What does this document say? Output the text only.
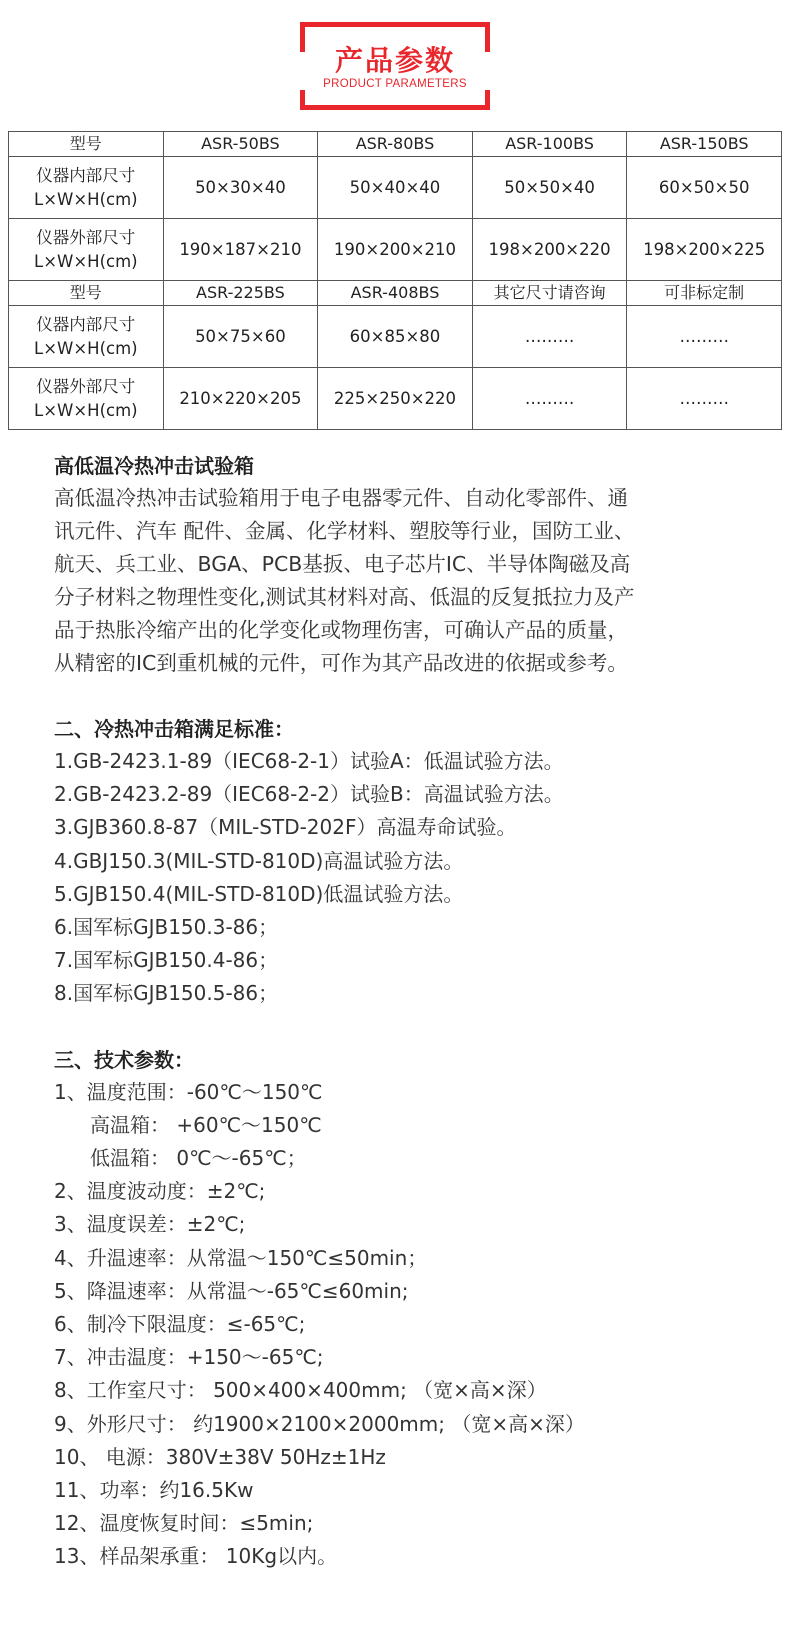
产品参数
PRODUCT PARAMETERS
型号	ASR-50BS	ASR-80BS	ASR-100BS	ASR-150BS

仪器内部尺寸
L×W×H(cm)	50×30×40	50×40×40	50×50×40	60×50×50

仪器外部尺寸
L×W×H(cm)	190×187×210	190×200×210	198×200×220	198×200×225
型号	ASR-225BS	ASR-408BS	其它尺寸请咨询	可非标定制

仪器内部尺寸
L×W×H(cm)	50×75×60	60×85×80	………	………

仪器外部尺寸
L×W×H(cm)	210×220×205	225×250×220	………	………

高低温冷热冲击试验箱

高低温冷热冲击试验箱用于电子电器零元件、自动化零部件、通

讯元件、汽车 配件、金属、化学材料、塑胶等行业，国防工业、

航天、兵工业、BGA、PCB基扳、电子芯片IC、半导体陶磁及高

分子材料之物理性变化,测试其材料对高、低温的反复抵拉力及产

品于热胀冷缩产出的化学变化或物理伤害，可确认产品的质量，

从精密的IC到重机械的元件，可作为其产品改进的依据或参考。

二、冷热冲击箱满足标准：

1.GB-2423.1-89（IEC68-2-1）试验A：低温试验方法。

2.GB-2423.2-89（IEC68-2-2）试验B：高温试验方法。

3.GJB360.8-87（MIL-STD-202F）高温寿命试验。

4.GBJ150.3(MIL-STD-810D)高温试验方法。

5.GJB150.4(MIL-STD-810D)低温试验方法。

6.国军标GJB150.3-86；

7.国军标GJB150.4-86；

8.国军标GJB150.5-86；

三、技术参数：

1、温度范围：-60℃～150℃

高温箱： +60℃～150℃

低温箱： 0℃～-65℃；

2、温度波动度：±2℃;

3、温度误差：±2℃;

4、升温速率：从常温～150℃≤50min；

5、降温速率：从常温～-65℃≤60min;

6、制冷下限温度：≤-65℃;

7、冲击温度：+150～-65℃;

8、工作室尺寸： 500×400×400mm; （宽×高×深）

9、外形尺寸： 约1900×2100×2000mm; （宽×高×深）

10、 电源：380V±38V 50Hz±1Hz

11、功率：约16.5Kw

12、温度恢复时间：≤5min;

13、样品架承重： 10Kg以内。
